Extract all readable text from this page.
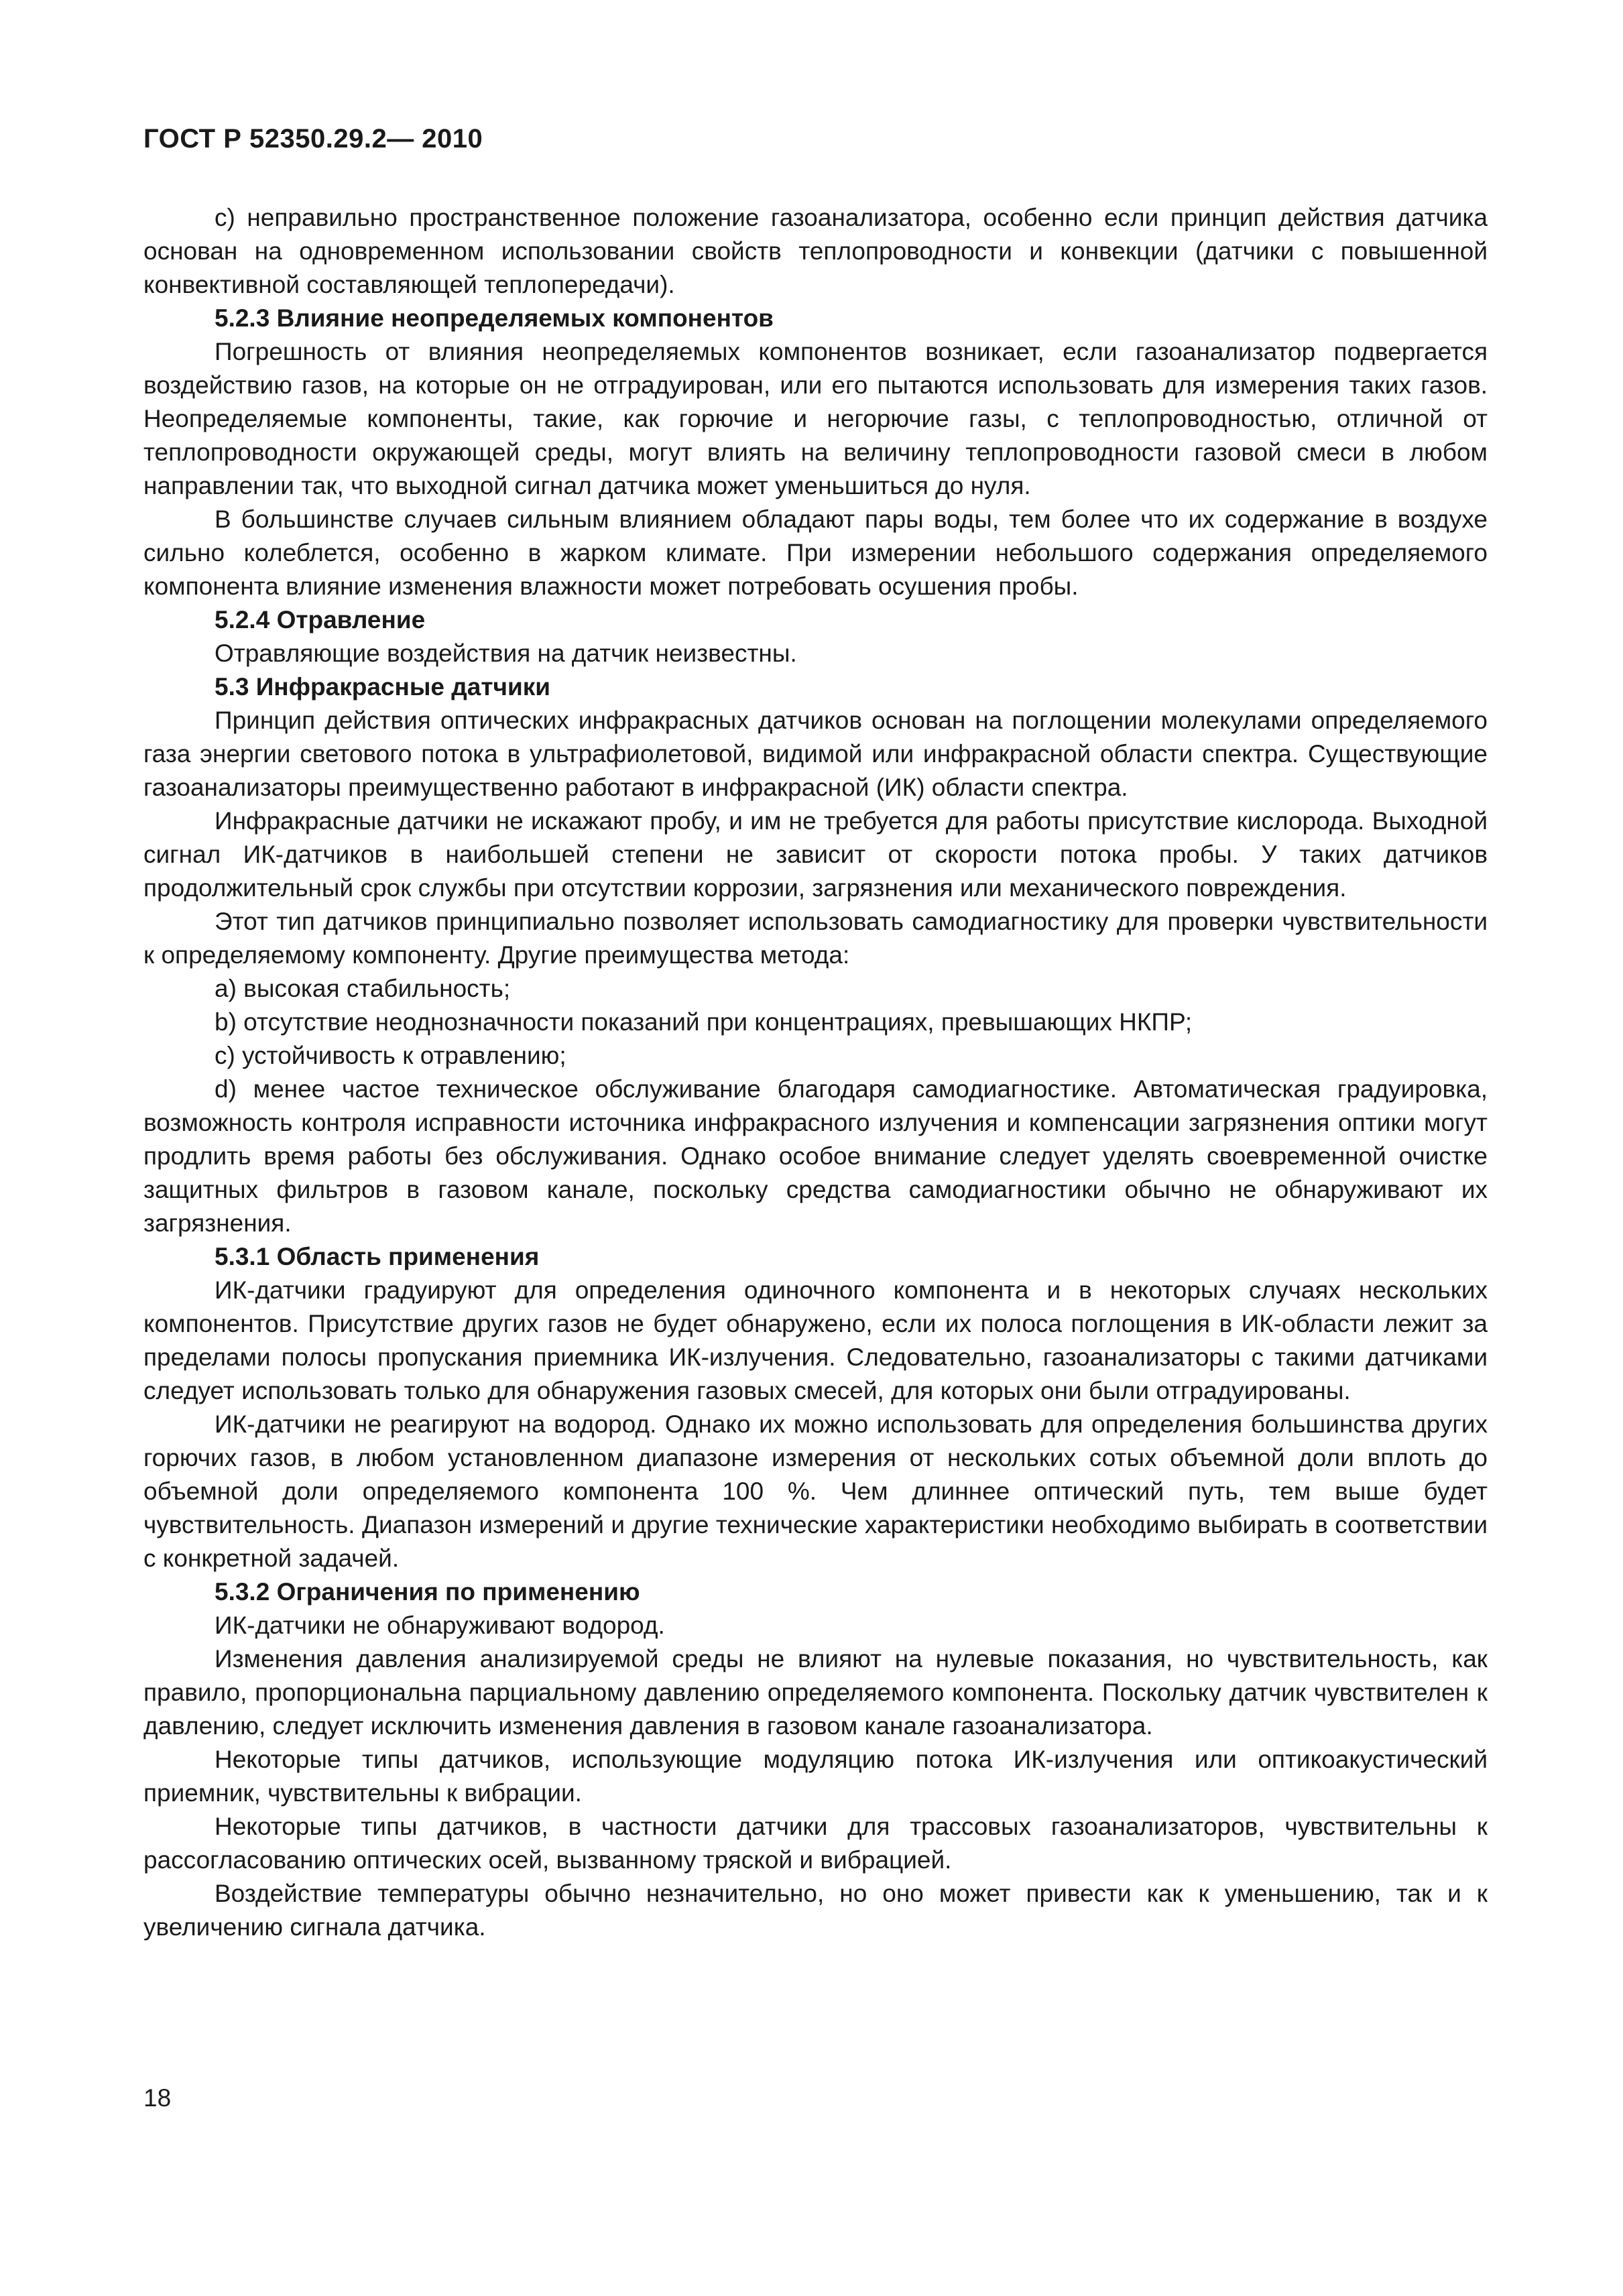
ГОСТ Р 52350.29.2— 2010

c) неправильно пространственное положение газоанализатора, особенно если принцип действия датчика основан на одновременном использовании свойств теплопроводности и конвекции (датчики с повышенной конвективной составляющей теплопередачи).

5.2.3 Влияние неопределяемых компонентов

Погрешность от влияния неопределяемых компонентов возникает, если газоанализатор подвергается воздействию газов, на которые он не отградуирован, или его пытаются использовать для измерения таких газов. Неопределяемые компоненты, такие, как горючие и негорючие газы, с теплопроводностью, отличной от теплопроводности окружающей среды, могут влиять на величину теплопроводности газовой смеси в любом направлении так, что выходной сигнал датчика может уменьшиться до нуля.

В большинстве случаев сильным влиянием обладают пары воды, тем более что их содержание в воздухе сильно колеблется, особенно в жарком климате. При измерении небольшого содержания определяемого компонента влияние изменения влажности может потребовать осушения пробы.

5.2.4 Отравление

Отравляющие воздействия на датчик неизвестны.

5.3 Инфракрасные датчики

Принцип действия оптических инфракрасных датчиков основан на поглощении молекулами определяемого газа энергии светового потока в ультрафиолетовой, видимой или инфракрасной области спектра. Существующие газоанализаторы преимущественно работают в инфракрасной (ИК) области спектра.

Инфракрасные датчики не искажают пробу, и им не требуется для работы присутствие кислорода. Выходной сигнал ИК-датчиков в наибольшей степени не зависит от скорости потока пробы. У таких датчиков продолжительный срок службы при отсутствии коррозии, загрязнения или механического повреждения.

Этот тип датчиков принципиально позволяет использовать самодиагностику для проверки чувствительности к определяемому компоненту. Другие преимущества метода:

a) высокая стабильность;

b) отсутствие неоднозначности показаний при концентрациях, превышающих НКПР;

c) устойчивость к отравлению;

d) менее частое техническое обслуживание благодаря самодиагностике. Автоматическая градуировка, возможность контроля исправности источника инфракрасного излучения и компенсации загрязнения оптики могут продлить время работы без обслуживания. Однако особое внимание следует уделять своевременной очистке защитных фильтров в газовом канале, поскольку средства самодиагностики обычно не обнаруживают их загрязнения.

5.3.1 Область применения

ИК-датчики градуируют для определения одиночного компонента и в некоторых случаях нескольких компонентов. Присутствие других газов не будет обнаружено, если их полоса поглощения в ИК-области лежит за пределами полосы пропускания приемника ИК-излучения. Следовательно, газоанализаторы с такими датчиками следует использовать только для обнаружения газовых смесей, для которых они были отградуированы.

ИК-датчики не реагируют на водород. Однако их можно использовать для определения большинства других горючих газов, в любом установленном диапазоне измерения от нескольких сотых объемной доли вплоть до объемной доли определяемого компонента 100 %. Чем длиннее оптический путь, тем выше будет чувствительность. Диапазон измерений и другие технические характеристики необходимо выбирать в соответствии с конкретной задачей.

5.3.2 Ограничения по применению

ИК-датчики не обнаруживают водород.

Изменения давления анализируемой среды не влияют на нулевые показания, но чувствительность, как правило, пропорциональна парциальному давлению определяемого компонента. Поскольку датчик чувствителен к давлению, следует исключить изменения давления в газовом канале газоанализатора.

Некоторые типы датчиков, использующие модуляцию потока ИК-излучения или оптикоакустический приемник, чувствительны к вибрации.

Некоторые типы датчиков, в частности датчики для трассовых газоанализаторов, чувствительны к рассогласованию оптических осей, вызванному тряской и вибрацией.

Воздействие температуры обычно незначительно, но оно может привести как к уменьшению, так и к увеличению сигнала датчика.

18
